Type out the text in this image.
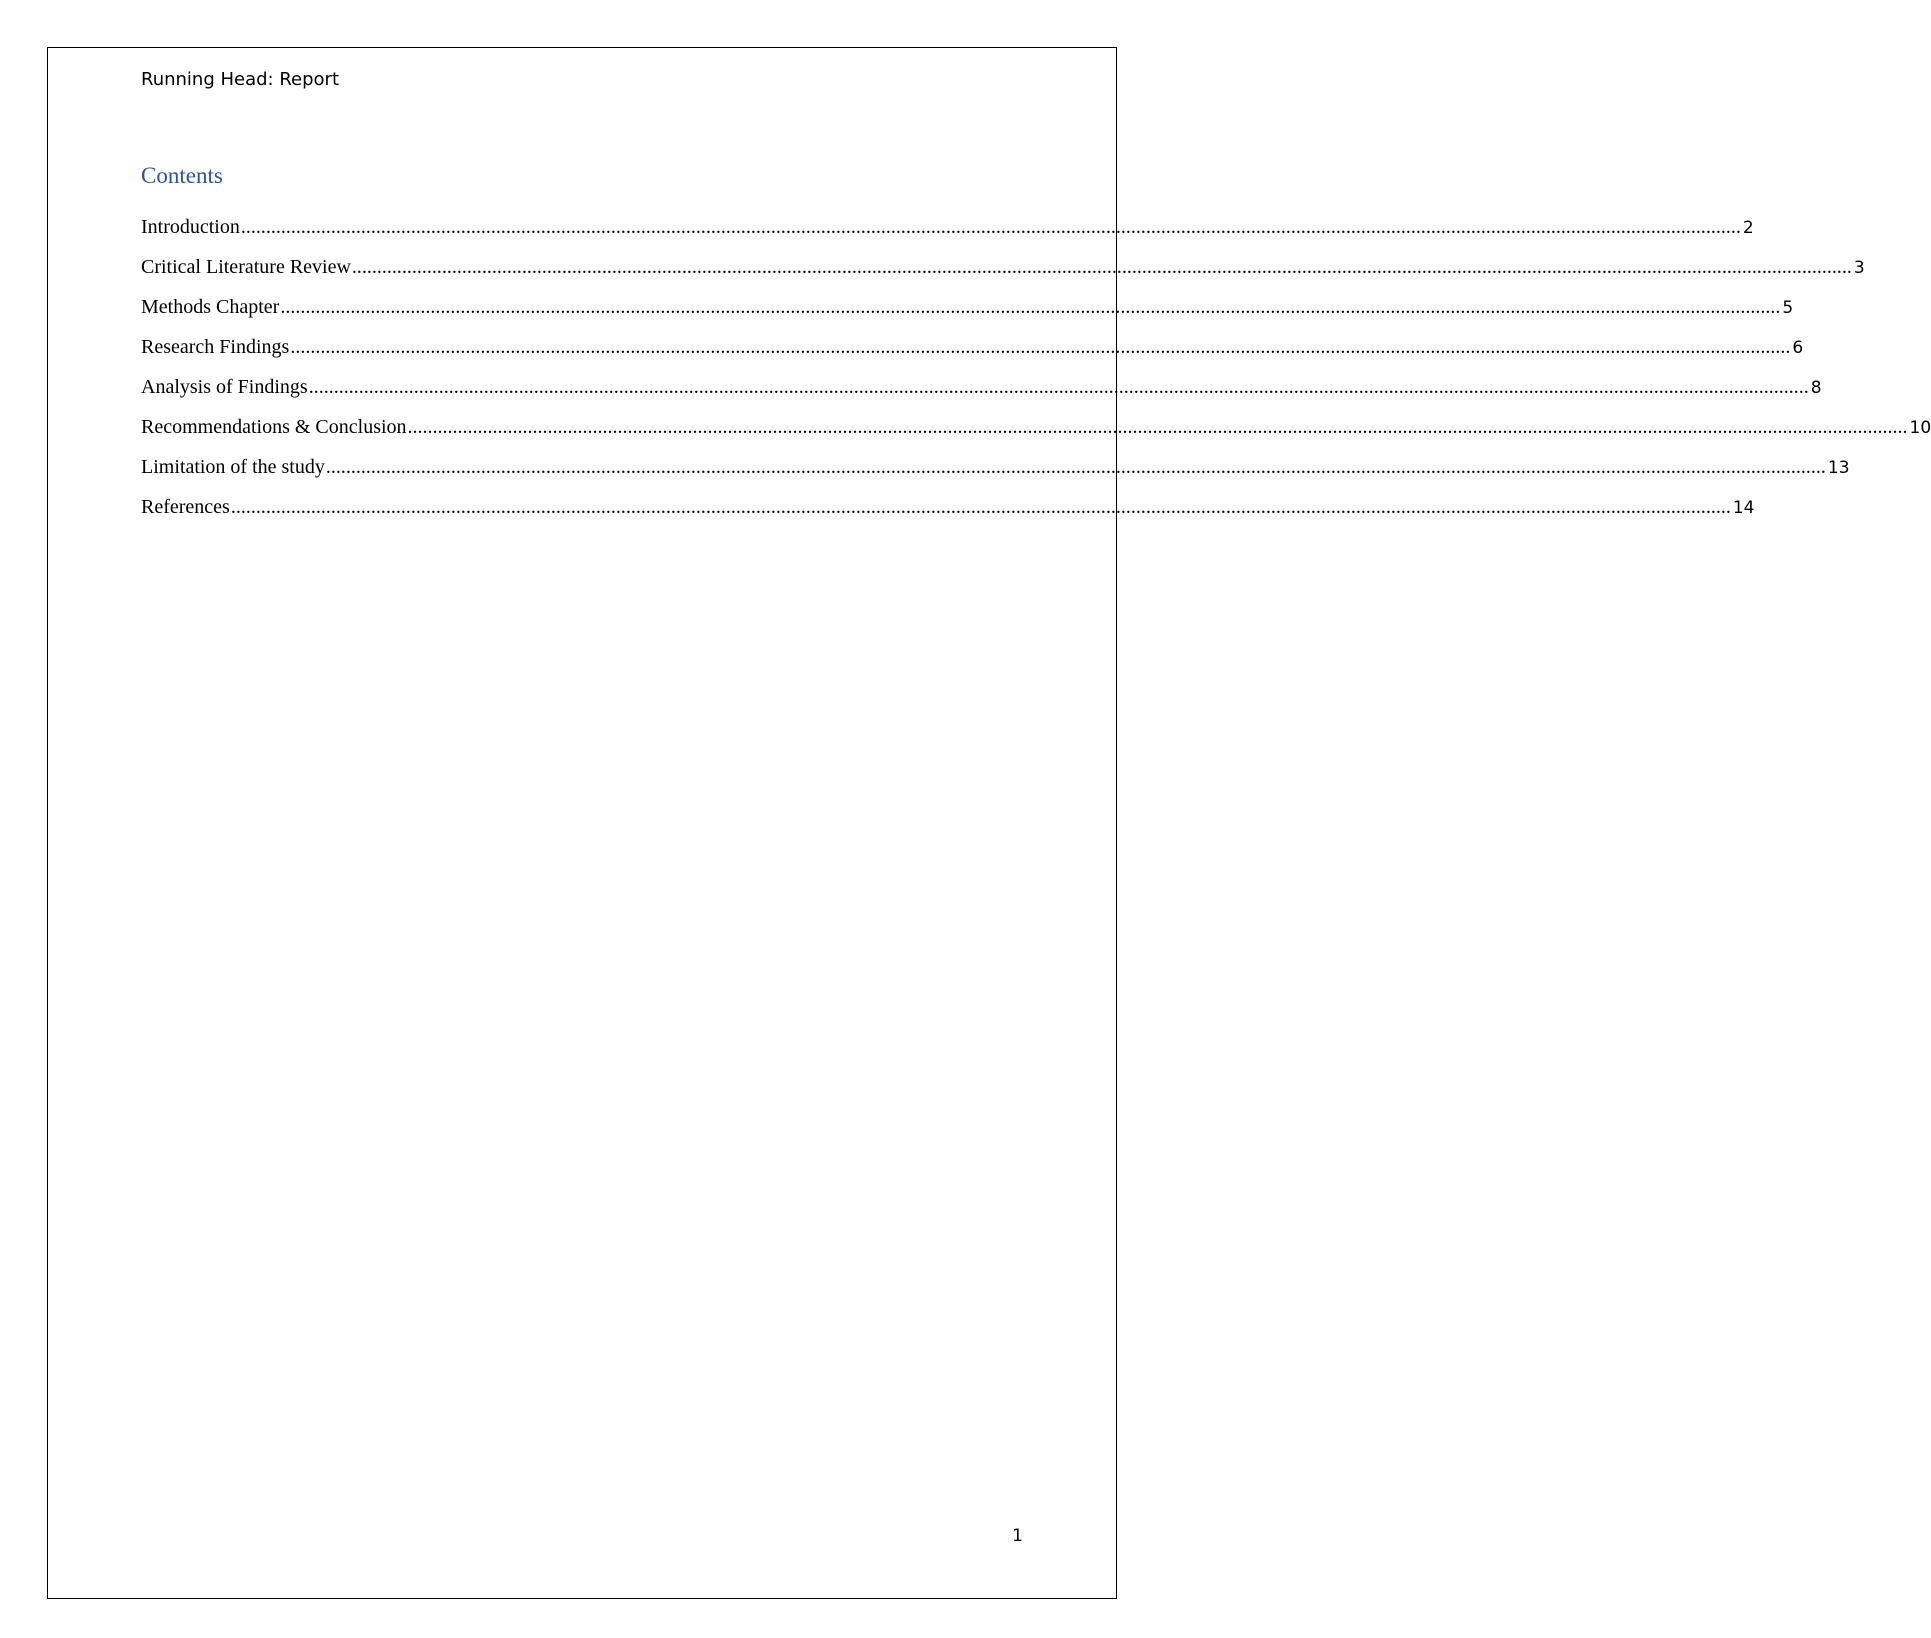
Running Head: Report
Contents
Introduction ............................................................................................................................................................................................................................................................................................................ 2
Critical Literature Review ............................................................................................................................................................................................................................................................................................................ 3
Methods Chapter ............................................................................................................................................................................................................................................................................................................ 5
Research Findings ............................................................................................................................................................................................................................................................................................................ 6
Analysis of Findings ............................................................................................................................................................................................................................................................................................................ 8
Recommendations & Conclusion ............................................................................................................................................................................................................................................................................................................ 10
Limitation of the study ............................................................................................................................................................................................................................................................................................................ 13
References ............................................................................................................................................................................................................................................................................................................ 14
1
